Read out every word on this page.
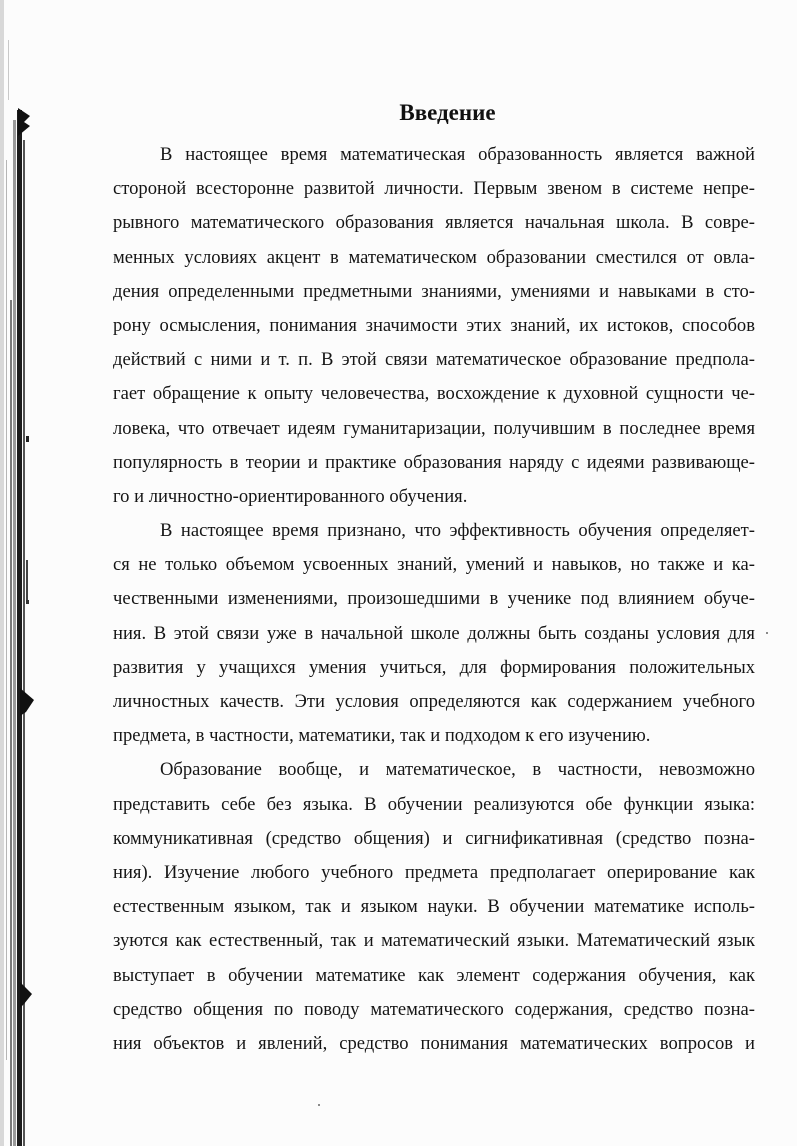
Введение

В настоящее время математическая образованность является важной
стороной всесторонне развитой личности. Первым звеном в системе непре-
рывного математического образования является начальная школа. В совре-
менных условиях акцент в математическом образовании сместился от овла-
дения определенными предметными знаниями, умениями и навыками в сто-
рону осмысления, понимания значимости этих знаний, их истоков, способов
действий с ними и т. п. В этой связи математическое образование предпола-
гает обращение к опыту человечества, восхождение к духовной сущности че-
ловека, что отвечает идеям гуманитаризации, получившим в последнее время
популярность в теории и практике образования наряду с идеями развивающе-
го и личностно-ориентированного обучения.

В настоящее время признано, что эффективность обучения определяет-
ся не только объемом усвоенных знаний, умений и навыков, но также и ка-
чественными изменениями, произошедшими в ученике под влиянием обуче-
ния. В этой связи уже в начальной школе должны быть созданы условия для
развития у учащихся умения учиться, для формирования положительных
личностных качеств. Эти условия определяются как содержанием учебного
предмета, в частности, математики, так и подходом к его изучению.

Образование вообще, и математическое, в частности, невозможно
представить себе без языка. В обучении реализуются обе функции языка:
коммуникативная (средство общения) и сигнификативная (средство позна-
ния). Изучение любого учебного предмета предполагает оперирование как
естественным языком, так и языком науки. В обучении математике исполь-
зуются как естественный, так и математический языки. Математический язык
выступает в обучении математике как элемент содержания обучения, как
средство общения по поводу математического содержания, средство позна-
ния объектов и явлений, средство понимания математических вопросов и
